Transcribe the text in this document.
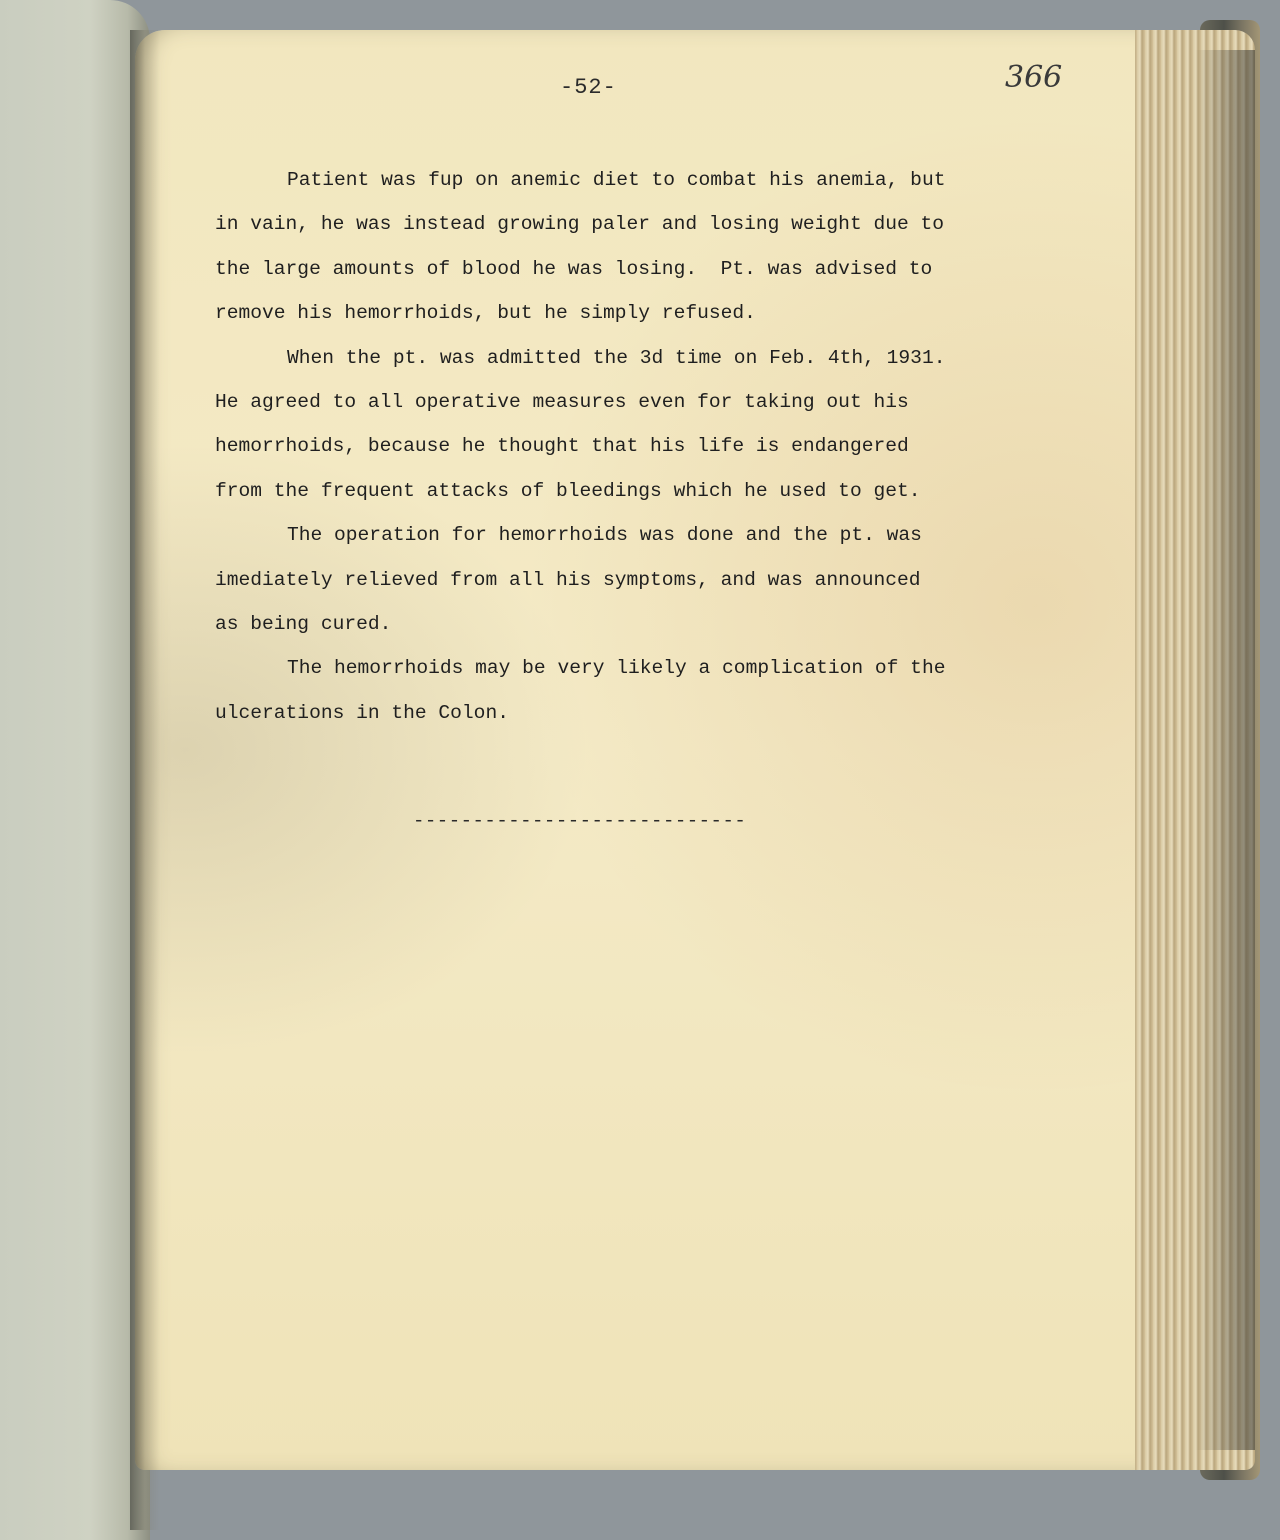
-52-	366
Patient was fup on anemic diet to combat his anemia, but
in vain, he was instead growing paler and losing weight due to
the large amounts of blood he was losing.  Pt. was advised to
remove his hemorrhoids, but he simply refused.
When the pt. was admitted the 3d time on Feb. 4th, 1931.
He agreed to all operative measures even for taking out his
hemorrhoids, because he thought that his life is endangered
from the frequent attacks of bleedings which he used to get.
The operation for hemorrhoids was done and the pt. was
imediately relieved from all his symptoms, and was announced
as being cured.
The hemorrhoids may be very likely a complication of the
ulcerations in the Colon.
----------------------------
